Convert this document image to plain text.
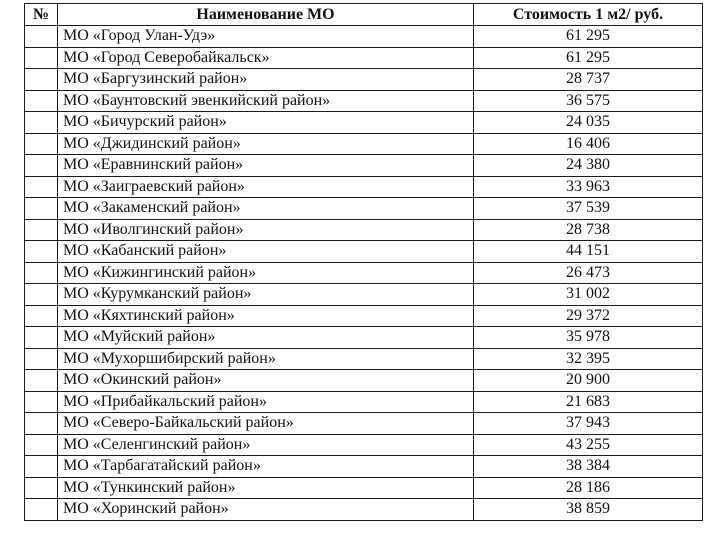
№	Наименование МО	Стоимость 1 м2/ руб.
	МО «Город Улан-Удэ»	61 295
	МО «Город Северобайкальск»	61 295
	МО «Баргузинский район»	28 737
	МО «Баунтовский эвенкийский район»	36 575
	МО «Бичурский район»	24 035
	МО «Джидинский район»	16 406
	МО «Еравнинский район»	24 380
	МО «Заиграевский район»	33 963
	МО «Закаменский район»	37 539
	МО «Иволгинский район»	28 738
	МО «Кабанский район»	44 151
	МО «Кижингинский район»	26 473
	МО «Курумканский район»	31 002
	МО «Кяхтинский район»	29 372
	МО «Муйский район»	35 978
	МО «Мухоршибирский район»	32 395
	МО «Окинский район»	20 900
	МО «Прибайкальский район»	21 683
	МО «Северо-Байкальский район»	37 943
	МО «Селенгинский район»	43 255
	МО «Тарбагатайский район»	38 384
	МО «Тункинский район»	28 186
	МО «Хоринский район»	38 859
